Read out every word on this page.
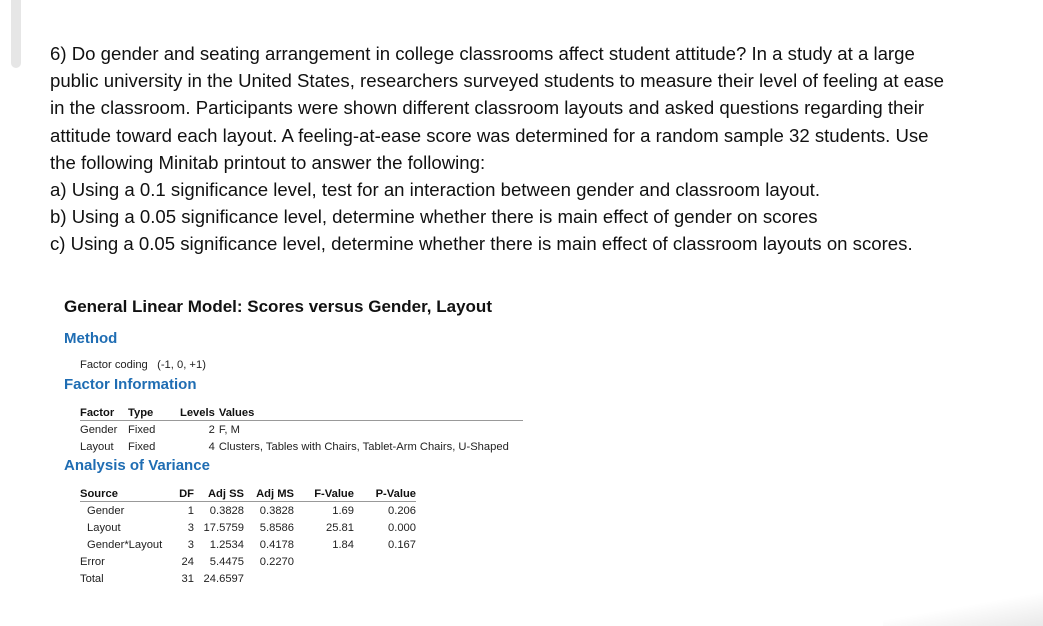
6) Do gender and seating arrangement in college classrooms affect student attitude? In a study at a large

public university in the United States, researchers surveyed students to measure their level of feeling at ease

in the classroom. Participants were shown different classroom layouts and asked questions regarding their

attitude toward each layout. A feeling-at-ease score was determined for a random sample 32 students. Use

the following Minitab printout to answer the following:

a) Using a 0.1 significance level, test for an interaction between gender and classroom layout.

b) Using a 0.05 significance level, determine whether there is main effect of gender on scores

c) Using a 0.05 significance level, determine whether there is main effect of classroom layouts on scores.

General Linear Model: Scores versus Gender, Layout
Method
Factor coding (-1, 0, +1)
Factor Information
Factor	Type	Levels	Values
Gender	Fixed	2	F, M
Layout	Fixed	4	Clusters, Tables with Chairs, Tablet-Arm Chairs, U-Shaped
Analysis of Variance
Source	DF	Adj SS	Adj MS	F-Value	P-Value
Gender	1	0.3828	0.3828	1.69	0.206
Layout	3	17.5759	5.8586	25.81	0.000
Gender*Layout	3	1.2534	0.4178	1.84	0.167
Error	24	5.4475	0.2270		
Total	31	24.6597			
